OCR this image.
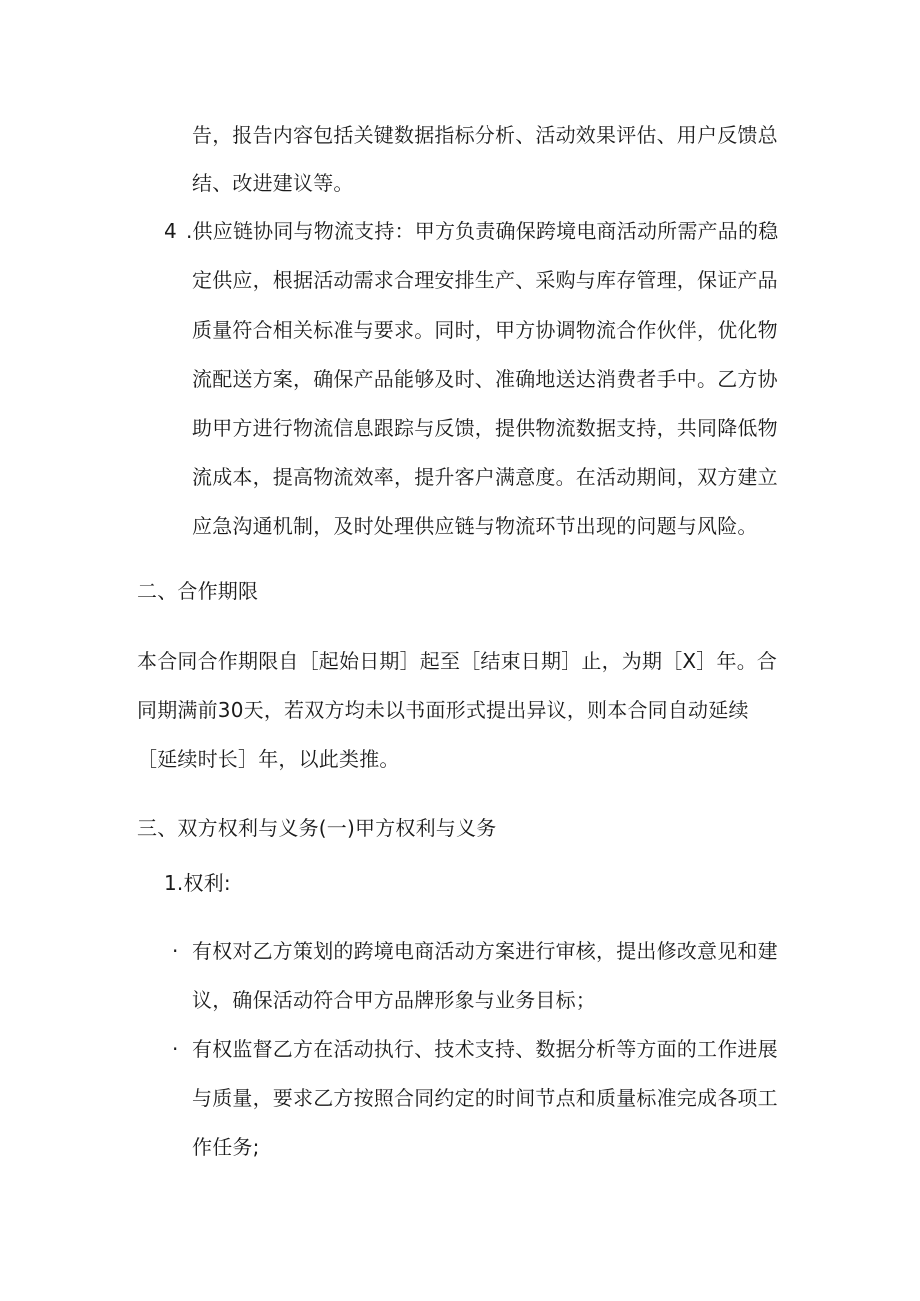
告，报告内容包括关键数据指标分析、活动效果评估、用户反馈总
结、改进建议等。
4 .供应链协同与物流支持：甲方负责确保跨境电商活动所需产品的稳
定供应，根据活动需求合理安排生产、采购与库存管理，保证产品
质量符合相关标准与要求。同时，甲方协调物流合作伙伴，优化物
流配送方案，确保产品能够及时、准确地送达消费者手中。乙方协
助甲方进行物流信息跟踪与反馈，提供物流数据支持，共同降低物
流成本，提高物流效率，提升客户满意度。在活动期间，双方建立
应急沟通机制，及时处理供应链与物流环节出现的问题与风险。
二、合作期限
本合同合作期限自［起始日期］起至［结束日期］止，为期［X］年。合
同期满前30天，若双方均未以书面形式提出异议，则本合同自动延续
［延续时长］年，以此类推。
三、双方权利与义务(一)甲方权利与义务
1.权利:
· 有权对乙方策划的跨境电商活动方案进行审核，提出修改意见和建
议，确保活动符合甲方品牌形象与业务目标；
· 有权监督乙方在活动执行、技术支持、数据分析等方面的工作进展
与质量，要求乙方按照合同约定的时间节点和质量标准完成各项工
作任务;
